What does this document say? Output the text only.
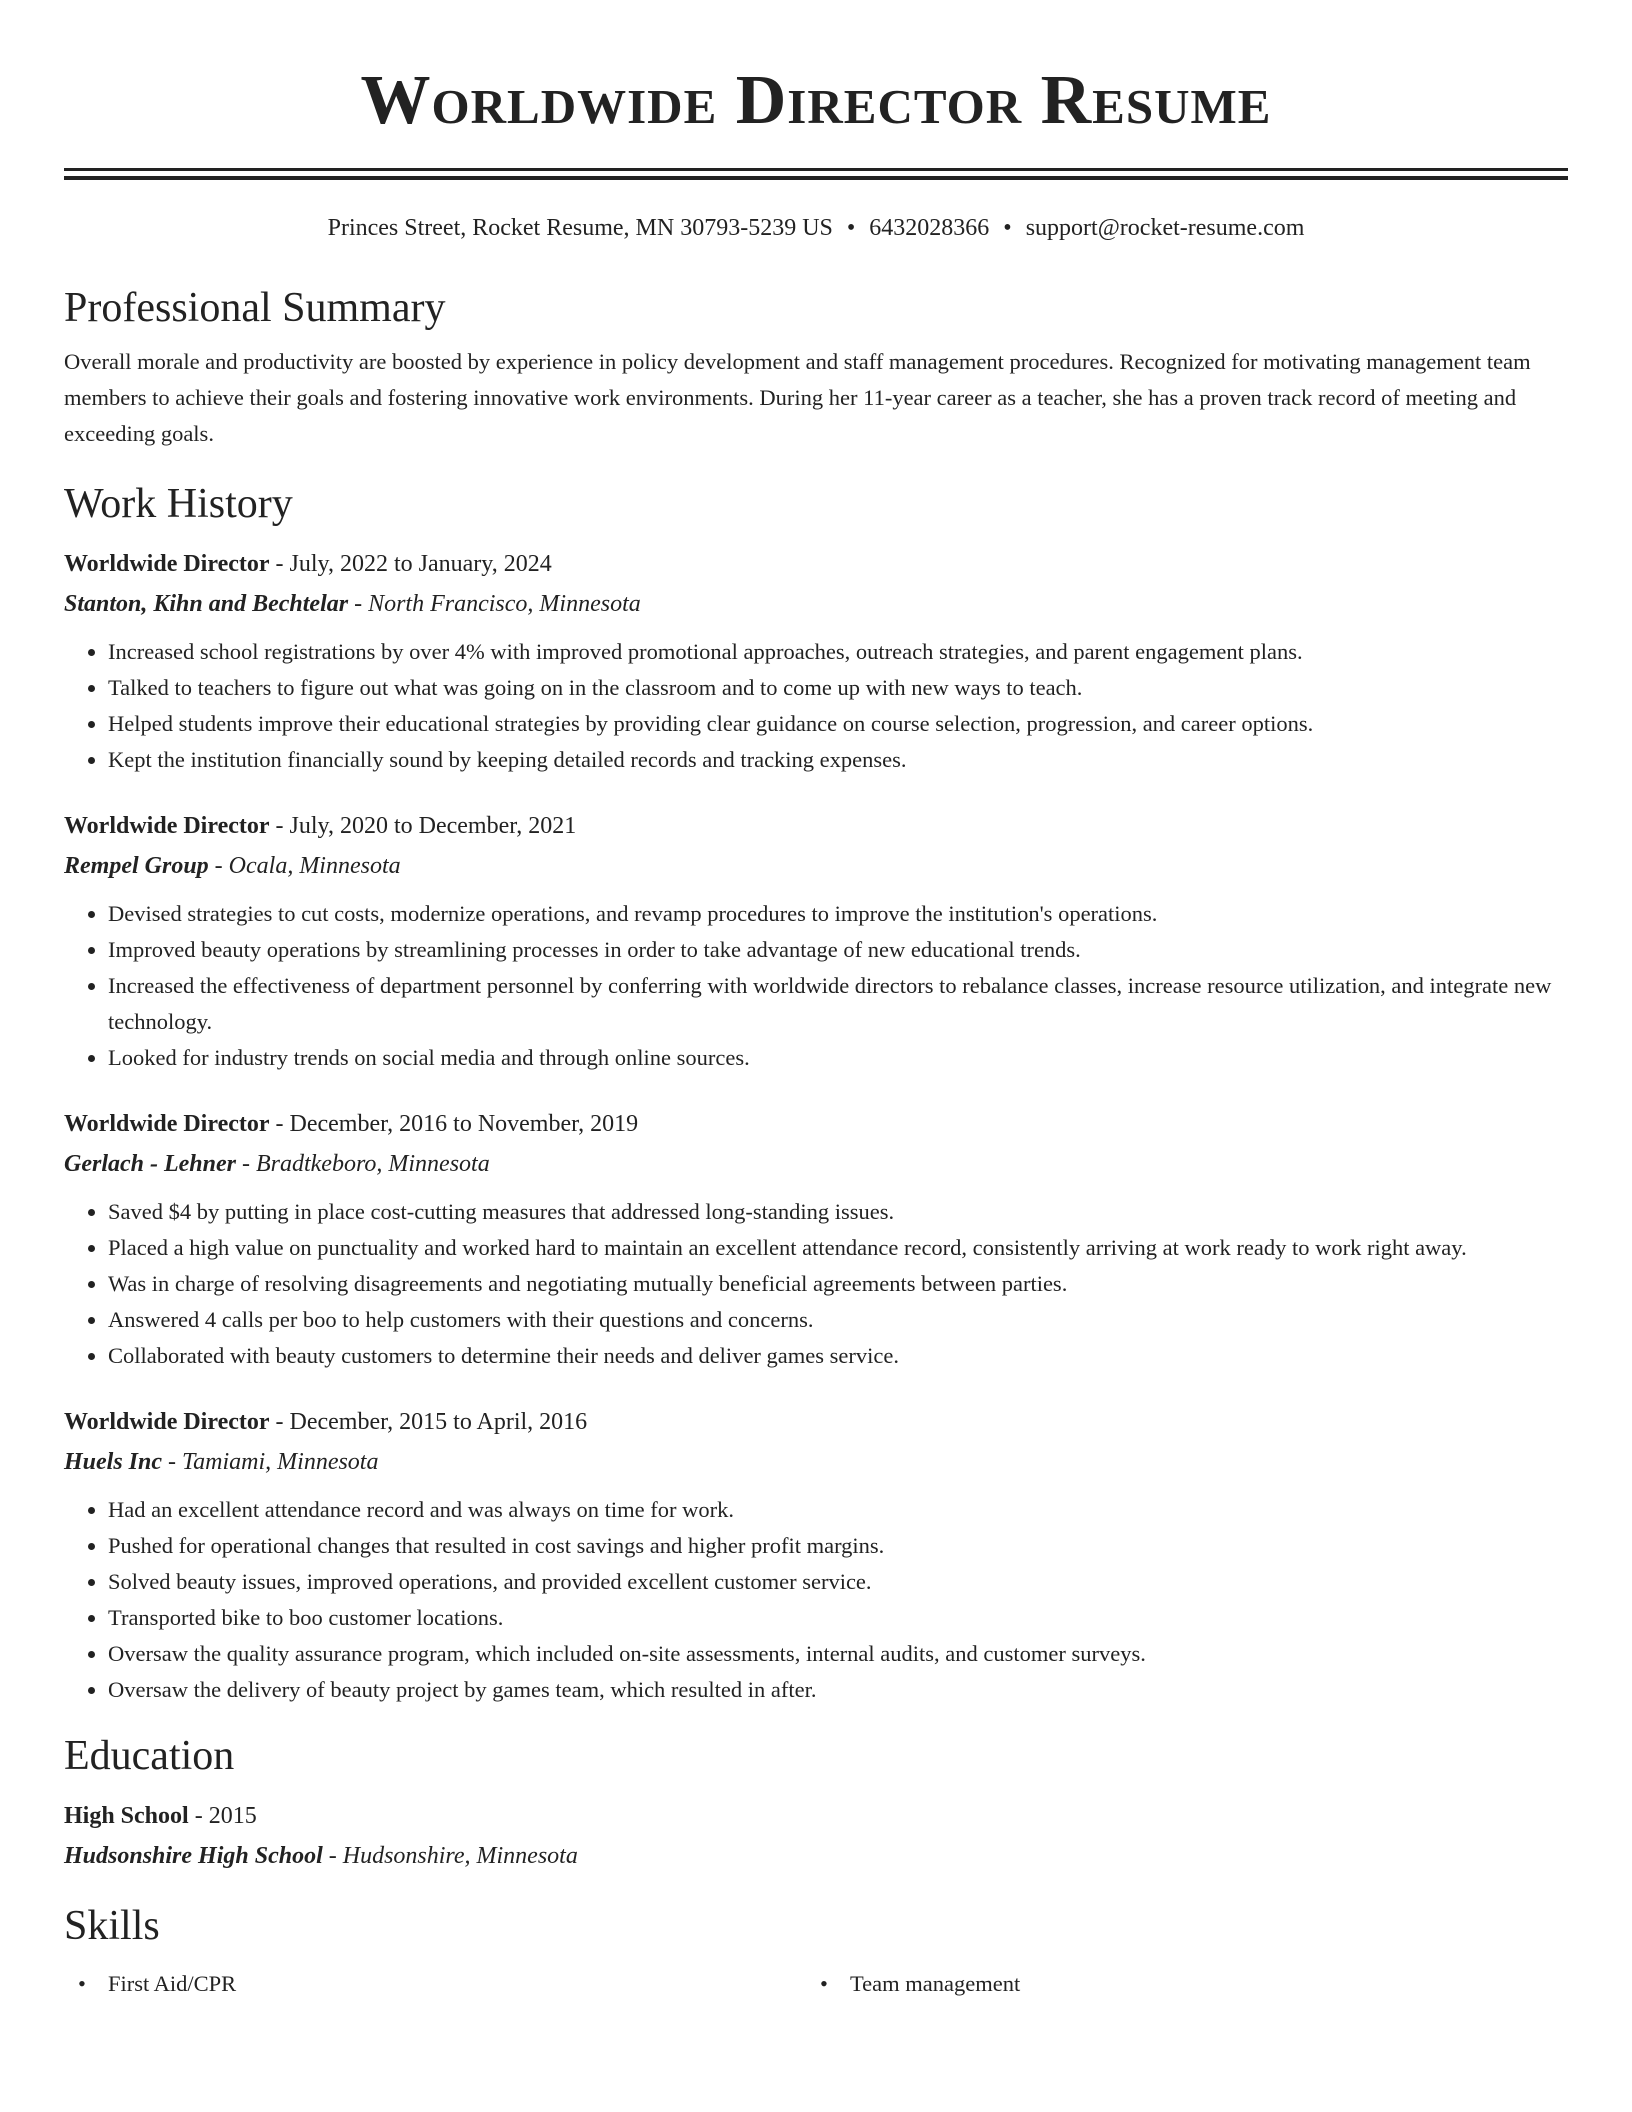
Worldwide Director Resume
Princes Street, Rocket Resume, MN 30793-5239 US • 6432028366 • support@rocket-resume.com
Professional Summary

Overall morale and productivity are boosted by experience in policy development and staff management procedures. Recognized for motivating management team members to achieve their goals and fostering innovative work environments. During her 11-year career as a teacher, she has a proven track record of meeting and exceeding goals.

Work History
Worldwide Director - July, 2022 to January, 2024
Stanton, Kihn and Bechtelar - North Francisco, Minnesota
• Increased school registrations by over 4% with improved promotional approaches, outreach strategies, and parent engagement plans.
• Talked to teachers to figure out what was going on in the classroom and to come up with new ways to teach.
• Helped students improve their educational strategies by providing clear guidance on course selection, progression, and career options.
• Kept the institution financially sound by keeping detailed records and tracking expenses.
Worldwide Director - July, 2020 to December, 2021
Rempel Group - Ocala, Minnesota
• Devised strategies to cut costs, modernize operations, and revamp procedures to improve the institution's operations.
• Improved beauty operations by streamlining processes in order to take advantage of new educational trends.
• Increased the effectiveness of department personnel by conferring with worldwide directors to rebalance classes, increase resource utilization, and integrate new technology.
• Looked for industry trends on social media and through online sources.
Worldwide Director - December, 2016 to November, 2019
Gerlach - Lehner - Bradtkeboro, Minnesota
• Saved $4 by putting in place cost-cutting measures that addressed long-standing issues.
• Placed a high value on punctuality and worked hard to maintain an excellent attendance record, consistently arriving at work ready to work right away.
• Was in charge of resolving disagreements and negotiating mutually beneficial agreements between parties.
• Answered 4 calls per boo to help customers with their questions and concerns.
• Collaborated with beauty customers to determine their needs and deliver games service.
Worldwide Director - December, 2015 to April, 2016
Huels Inc - Tamiami, Minnesota
• Had an excellent attendance record and was always on time for work.
• Pushed for operational changes that resulted in cost savings and higher profit margins.
• Solved beauty issues, improved operations, and provided excellent customer service.
• Transported bike to boo customer locations.
• Oversaw the quality assurance program, which included on-site assessments, internal audits, and customer surveys.
• Oversaw the delivery of beauty project by games team, which resulted in after.
Education
High School - 2015
Hudsonshire High School - Hudsonshire, Minnesota
Skills
• First Aid/CPR
•	Team management
